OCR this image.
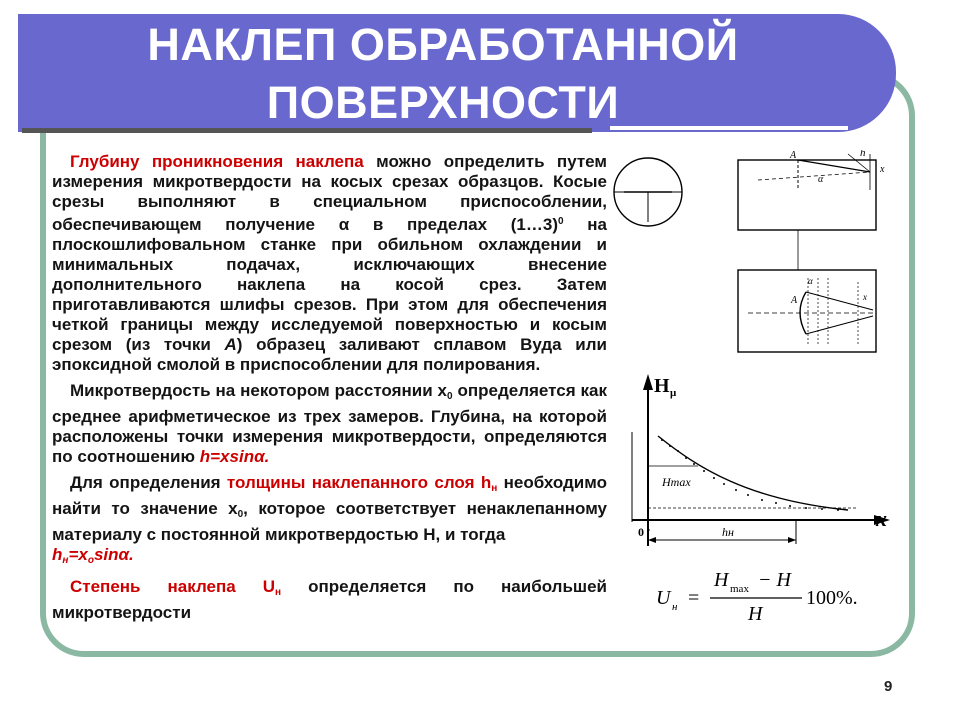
НАКЛЕП ОБРАБОТАННОЙ
ПОВЕРХНОСТИ

Глубину проникновения наклепа можно определить путем измерения микротвердости на косых срезах образцов. Косые срезы выполняют в специальном приспособлении, обеспечивающем получение α в пределах (1…3)$^0$ на плоскошлифовальном станке при обильном охлаждении и минимальных подачах, исключающих внесение дополнительного наклепа на косой срез. Затем приготавливаются шлифы срезов. При этом для обеспечения четкой границы между исследуемой поверхностью и косым срезом (из точки А) образец заливают сплавом Вуда или эпоксидной смолой в приспособлении для полирования.

Микротвердость на некотором расстоянии $x_0$ определяется как среднее арифметическое из трех замеров. Глубина, на которой расположены точки измерения микротвердости, определяются по соотношению h=xsinα.

Для определения толщины наклепанного слоя $h_н$ необходимо найти то значение $x_0$, которое соответствует ненаклепанному материалу с постоянной микротвердостью Н, и тогда
$h_н=x_о\sin\alpha$.

Степень наклепа $U_н$ определяется по наибольшей микротвердости

h
A
α
x
A
α
x
H μ
x
0
Hmax
hн
U н =
H max − H
H
100%.
9
